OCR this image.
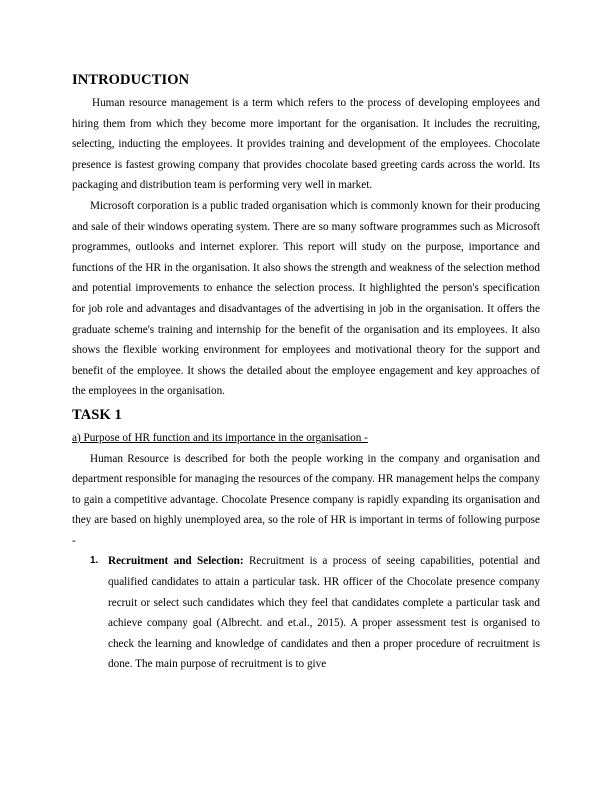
INTRODUCTION

Human resource management is a term which refers to the process of developing employees and hiring them from which they become more important for the organisation. It includes the recruiting, selecting, inducting the employees. It provides training and development of the employees. Chocolate presence is fastest growing company that provides chocolate based greeting cards across the world. Its packaging and distribution team is performing very well in market.

Microsoft corporation is a public traded organisation which is commonly known for their producing and sale of their windows operating system. There are so many software programmes such as Microsoft programmes, outlooks and internet explorer. This report will study on the purpose, importance and functions of the HR in the organisation. It also shows the strength and weakness of the selection method and potential improvements to enhance the selection process. It highlighted the person's specification for job role and advantages and disadvantages of the advertising in job in the organisation. It offers the graduate scheme's training and internship for the benefit of the organisation and its employees. It also shows the flexible working environment for employees and motivational theory for the support and benefit of the employee. It shows the detailed about the employee engagement and key approaches of the employees in the organisation.

TASK 1

a) Purpose of HR function and its importance in the organisation -

Human Resource is described for both the people working in the company and organisation and department responsible for managing the resources of the company. HR management helps the company to gain a competitive advantage. Chocolate Presence company is rapidly expanding its organisation and they are based on highly unemployed area, so the role of HR is important in terms of following purpose -

1. Recruitment and Selection: Recruitment is a process of seeing capabilities, potential and qualified candidates to attain a particular task. HR officer of the Chocolate presence company recruit or select such candidates which they feel that candidates complete a particular task and achieve company goal (Albrecht. and et.al., 2015). A proper assessment test is organised to check the learning and knowledge of candidates and then a proper procedure of recruitment is done. The main purpose of recruitment is to give
